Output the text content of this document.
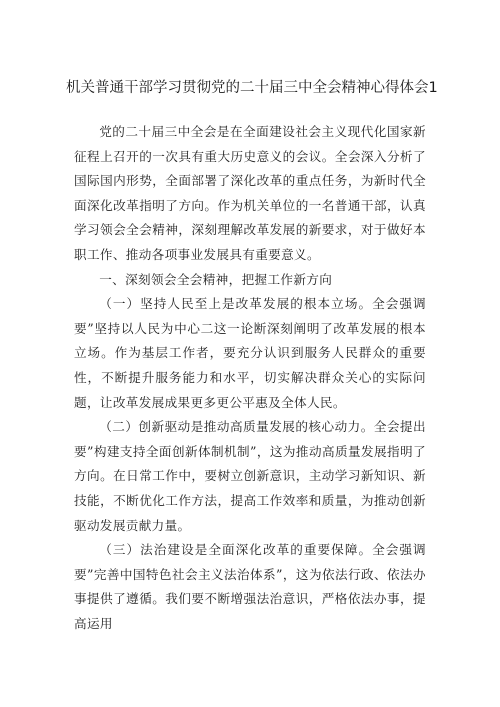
机关普通干部学习贯彻党的二十届三中全会精神心得体会1

党的二十届三中全会是在全面建设社会主义现代化国家新征程上召开的一次具有重大历史意义的会议。全会深入分析了国际国内形势，全面部署了深化改革的重点任务，为新时代全面深化改革指明了方向。作为机关单位的一名普通干部，认真学习领会全会精神，深刻理解改革发展的新要求，对于做好本职工作、推动各项事业发展具有重要意义。

一、深刻领会全会精神，把握工作新方向

（一）坚持人民至上是改革发展的根本立场。全会强调要”坚持以人民为中心二这一论断深刻阐明了改革发展的根本立场。作为基层工作者，要充分认识到服务人民群众的重要性，不断提升服务能力和水平，切实解决群众关心的实际问题，让改革发展成果更多更公平惠及全体人民。

（二）创新驱动是推动高质量发展的核心动力。全会提出要”构建支持全面创新体制机制”，这为推动高质量发展指明了方向。在日常工作中，要树立创新意识，主动学习新知识、新技能，不断优化工作方法，提高工作效率和质量，为推动创新驱动发展贡献力量。

（三）法治建设是全面深化改革的重要保障。全会强调要”完善中国特色社会主义法治体系”，这为依法行政、依法办事提供了遵循。我们要不断增强法治意识，严格依法办事，提高运用
